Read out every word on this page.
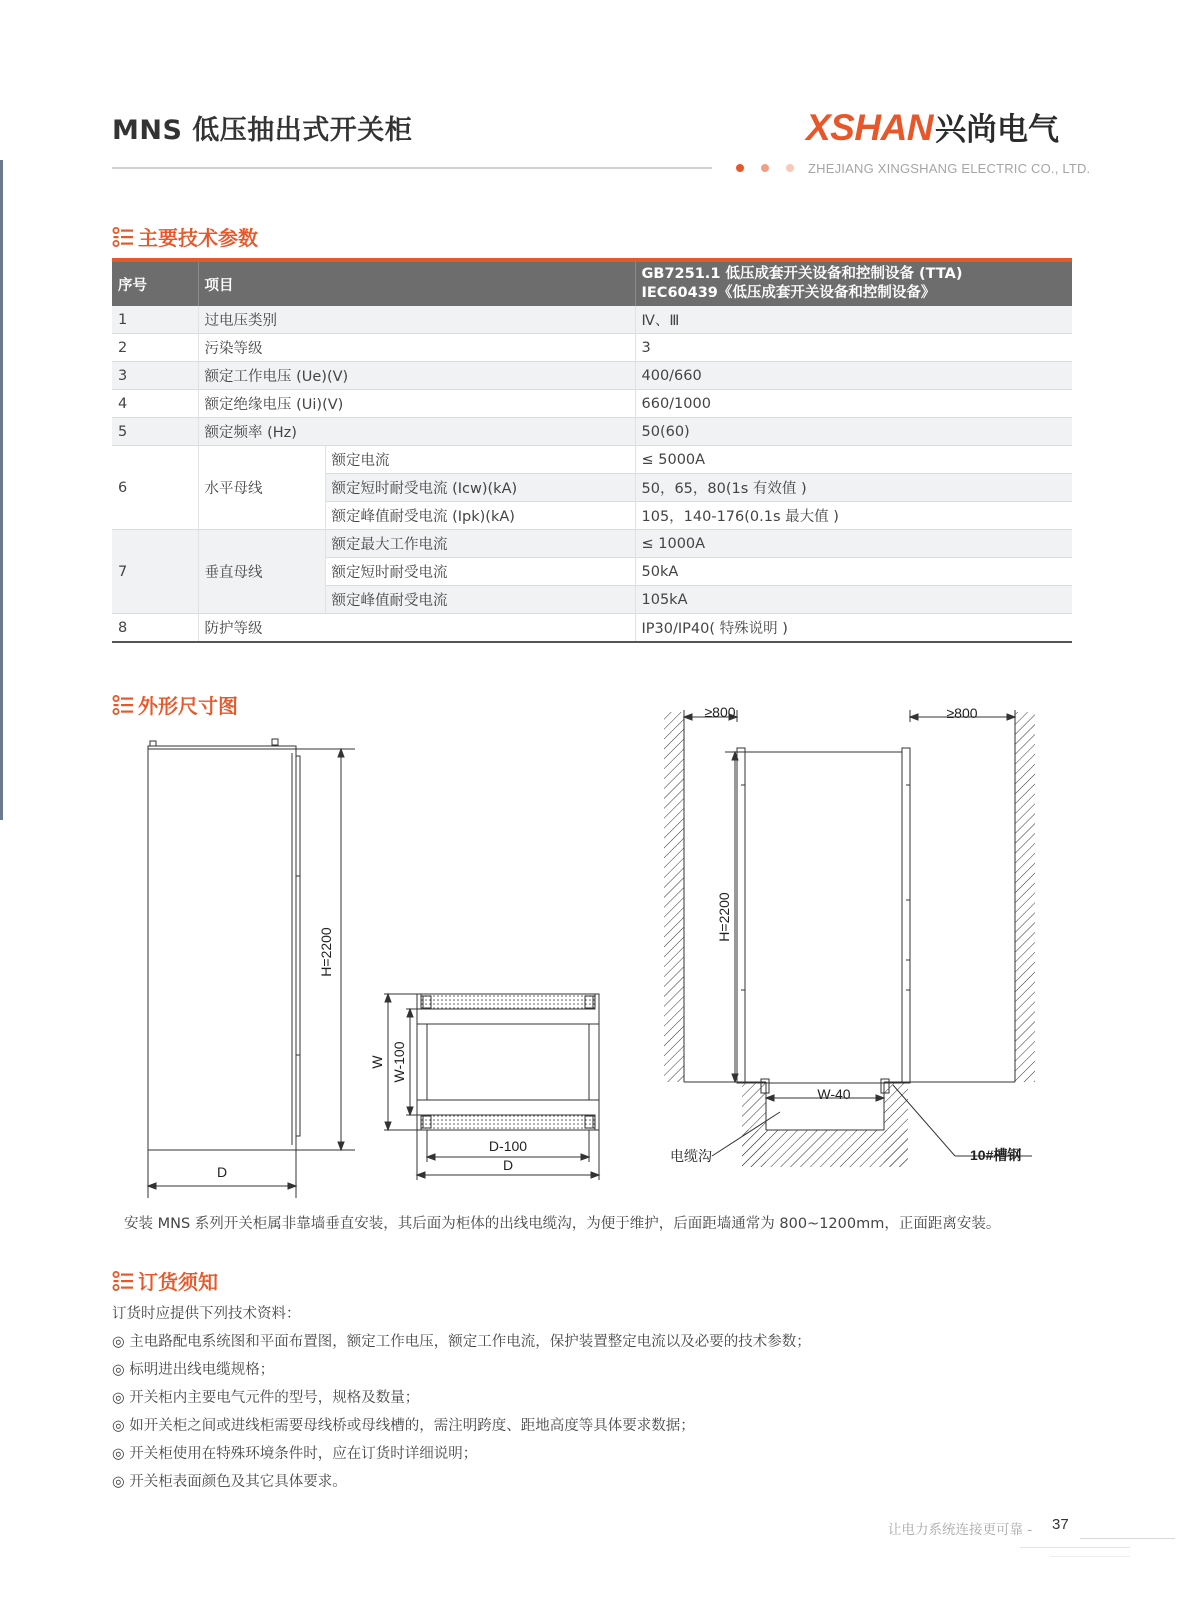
MNS 低压抽出式开关柜	XSHAN兴尚电气
ZHEJIANG XINGSHANG ELECTRIC CO., LTD.
主要技术参数
序号	项目		GB7251.1 低压成套开关设备和控制设备 (TTA)
IEC60439《低压成套开关设备和控制设备》

1	过电压类别		Ⅳ、Ⅲ
2	污染等级		3
3	额定工作电压 (Ue)(V)		400/660
4	额定绝缘电压 (Ui)(V)		660/1000
5	额定频率 (Hz)		50(60)
6	水平母线	额定电流	≤ 5000A
		额定短时耐受电流 (Icw)(kA)	50，65，80(1s 有效值 )
		额定峰值耐受电流 (Ipk)(kA)	105，140-176(0.1s 最大值 )
7	垂直母线	额定最大工作电流	≤ 1000A
		额定短时耐受电流	50kA
		额定峰值耐受电流	105kA
8	防护等级		IP30/IP40( 特殊说明 )
外形尺寸图
H=2200
D
W W-100
D-100
D
≥800	≥800
H=2200
W-40
电缆沟	10#槽钢
安装 MNS 系列开关柜属非靠墙垂直安装，其后面为柜体的出线电缆沟，为便于维护，后面距墙通常为 800~1200mm，正面距离安装。
订货须知
订货时应提供下列技术资料：
◎ 主电路配电系统图和平面布置图，额定工作电压，额定工作电流，保护装置整定电流以及必要的技术参数；
◎ 标明进出线电缆规格；
◎ 开关柜内主要电气元件的型号，规格及数量；
◎ 如开关柜之间或进线柜需要母线桥或母线槽的，需注明跨度、距地高度等具体要求数据；
◎ 开关柜使用在特殊环境条件时，应在订货时详细说明；
◎ 开关柜表面颜色及其它具体要求。
让电力系统连接更可靠 - 37
